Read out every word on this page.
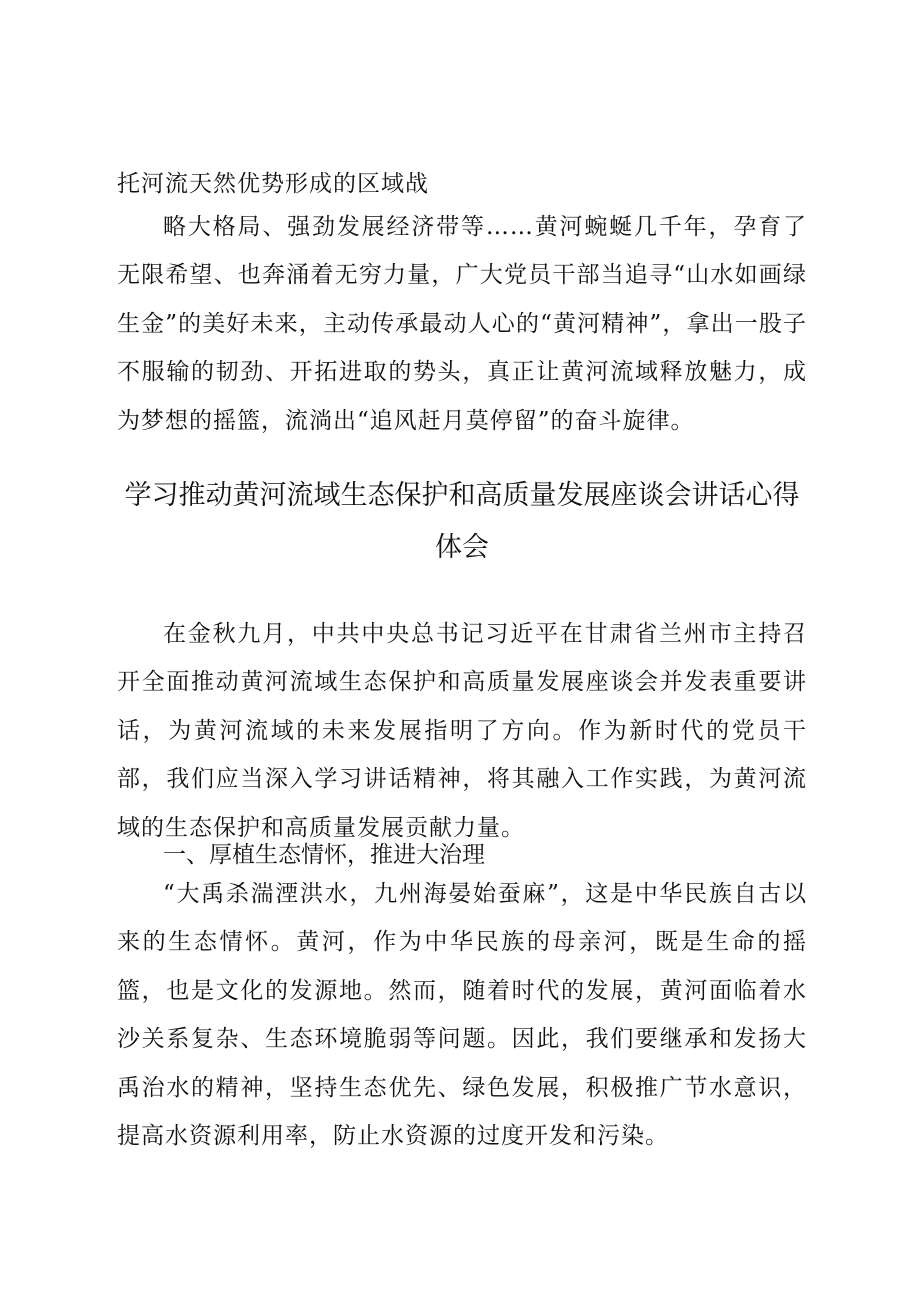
托河流天然优势形成的区域战

略大格局、强劲发展经济带等……黄河蜿蜒几千年，孕育了无限希望、也奔涌着无穷力量，广大党员干部当追寻“山水如画绿生金”的美好未来，主动传承最动人心的“黄河精神”，拿出一股子不服输的韧劲、开拓进取的势头，真正让黄河流域释放魅力，成为梦想的摇篮，流淌出“追风赶月莫停留”的奋斗旋律。

学习推动黄河流域生态保护和高质量发展座谈会讲话心得体会

在金秋九月，中共中央总书记习近平在甘肃省兰州市主持召开全面推动黄河流域生态保护和高质量发展座谈会并发表重要讲话，为黄河流域的未来发展指明了方向。作为新时代的党员干部，我们应当深入学习讲话精神，将其融入工作实践，为黄河流域的生态保护和高质量发展贡献力量。

一、厚植生态情怀，推进大治理

“大禹杀湍湮洪水，九州海晏始蚕麻”，这是中华民族自古以来的生态情怀。黄河，作为中华民族的母亲河，既是生命的摇篮，也是文化的发源地。然而，随着时代的发展，黄河面临着水沙关系复杂、生态环境脆弱等问题。因此，我们要继承和发扬大禹治水的精神，坚持生态优先、绿色发展，积极推广节水意识，提高水资源利用率，防止水资源的过度开发和污染。
